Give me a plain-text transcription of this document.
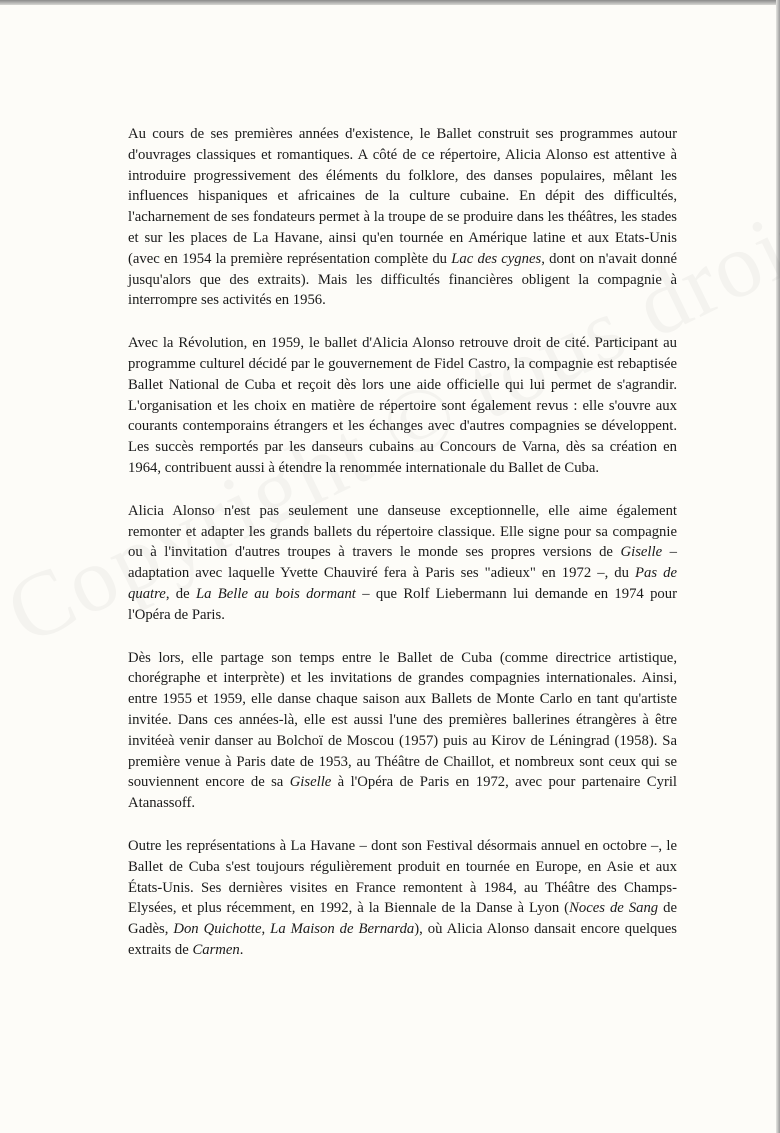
Au cours de ses premières années d'existence, le Ballet construit ses programmes autour d'ouvrages classiques et romantiques. A côté de ce répertoire, Alicia Alonso est attentive à introduire progressivement des éléments du folklore, des danses populaires, mêlant les influences hispaniques et africaines de la culture cubaine. En dépit des difficultés, l'acharnement de ses fondateurs permet à la troupe de se produire dans les théâtres, les stades et sur les places de La Havane, ainsi qu'en tournée en Amérique latine et aux Etats-Unis (avec en 1954 la première représentation complète du Lac des cygnes, dont on n'avait donné jusqu'alors que des extraits). Mais les difficultés financières obligent la compagnie à interrompre ses activités en 1956.

Avec la Révolution, en 1959, le ballet d'Alicia Alonso retrouve droit de cité. Participant au programme culturel décidé par le gouvernement de Fidel Castro, la compagnie est rebaptisée Ballet National de Cuba et reçoit dès lors une aide officielle qui lui permet de s'agrandir. L'organisation et les choix en matière de répertoire sont également revus : elle s'ouvre aux courants contemporains étrangers et les échanges avec d'autres compagnies se développent. Les succès remportés par les danseurs cubains au Concours de Varna, dès sa création en 1964, contribuent aussi à étendre la renommée internationale du Ballet de Cuba.

Alicia Alonso n'est pas seulement une danseuse exceptionnelle, elle aime également remonter et adapter les grands ballets du répertoire classique. Elle signe pour sa compagnie ou à l'invitation d'autres troupes à travers le monde ses propres versions de Giselle – adaptation avec laquelle Yvette Chauviré fera à Paris ses "adieux" en 1972 –, du Pas de quatre, de La Belle au bois dormant – que Rolf Liebermann lui demande en 1974 pour l'Opéra de Paris.

Dès lors, elle partage son temps entre le Ballet de Cuba (comme directrice artistique, chorégraphe et interprète) et les invitations de grandes compagnies internationales. Ainsi, entre 1955 et 1959, elle danse chaque saison aux Ballets de Monte Carlo en tant qu'artiste invitée. Dans ces années-là, elle est aussi l'une des premières ballerines étrangères à être invitéeà venir danser au Bolchoï de Moscou (1957) puis au Kirov de Léningrad (1958). Sa première venue à Paris date de 1953, au Théâtre de Chaillot, et nombreux sont ceux qui se souviennent encore de sa Giselle à l'Opéra de Paris en 1972, avec pour partenaire Cyril Atanassoff.

Outre les représentations à La Havane – dont son Festival désormais annuel en octobre –, le Ballet de Cuba s'est toujours régulièrement produit en tournée en Europe, en Asie et aux États-Unis. Ses dernières visites en France remontent à 1984, au Théâtre des Champs-Elysées, et plus récemment, en 1992, à la Biennale de la Danse à Lyon (Noces de Sang de Gadès, Don Quichotte, La Maison de Bernarda), où Alicia Alonso dansait encore quelques extraits de Carmen.
